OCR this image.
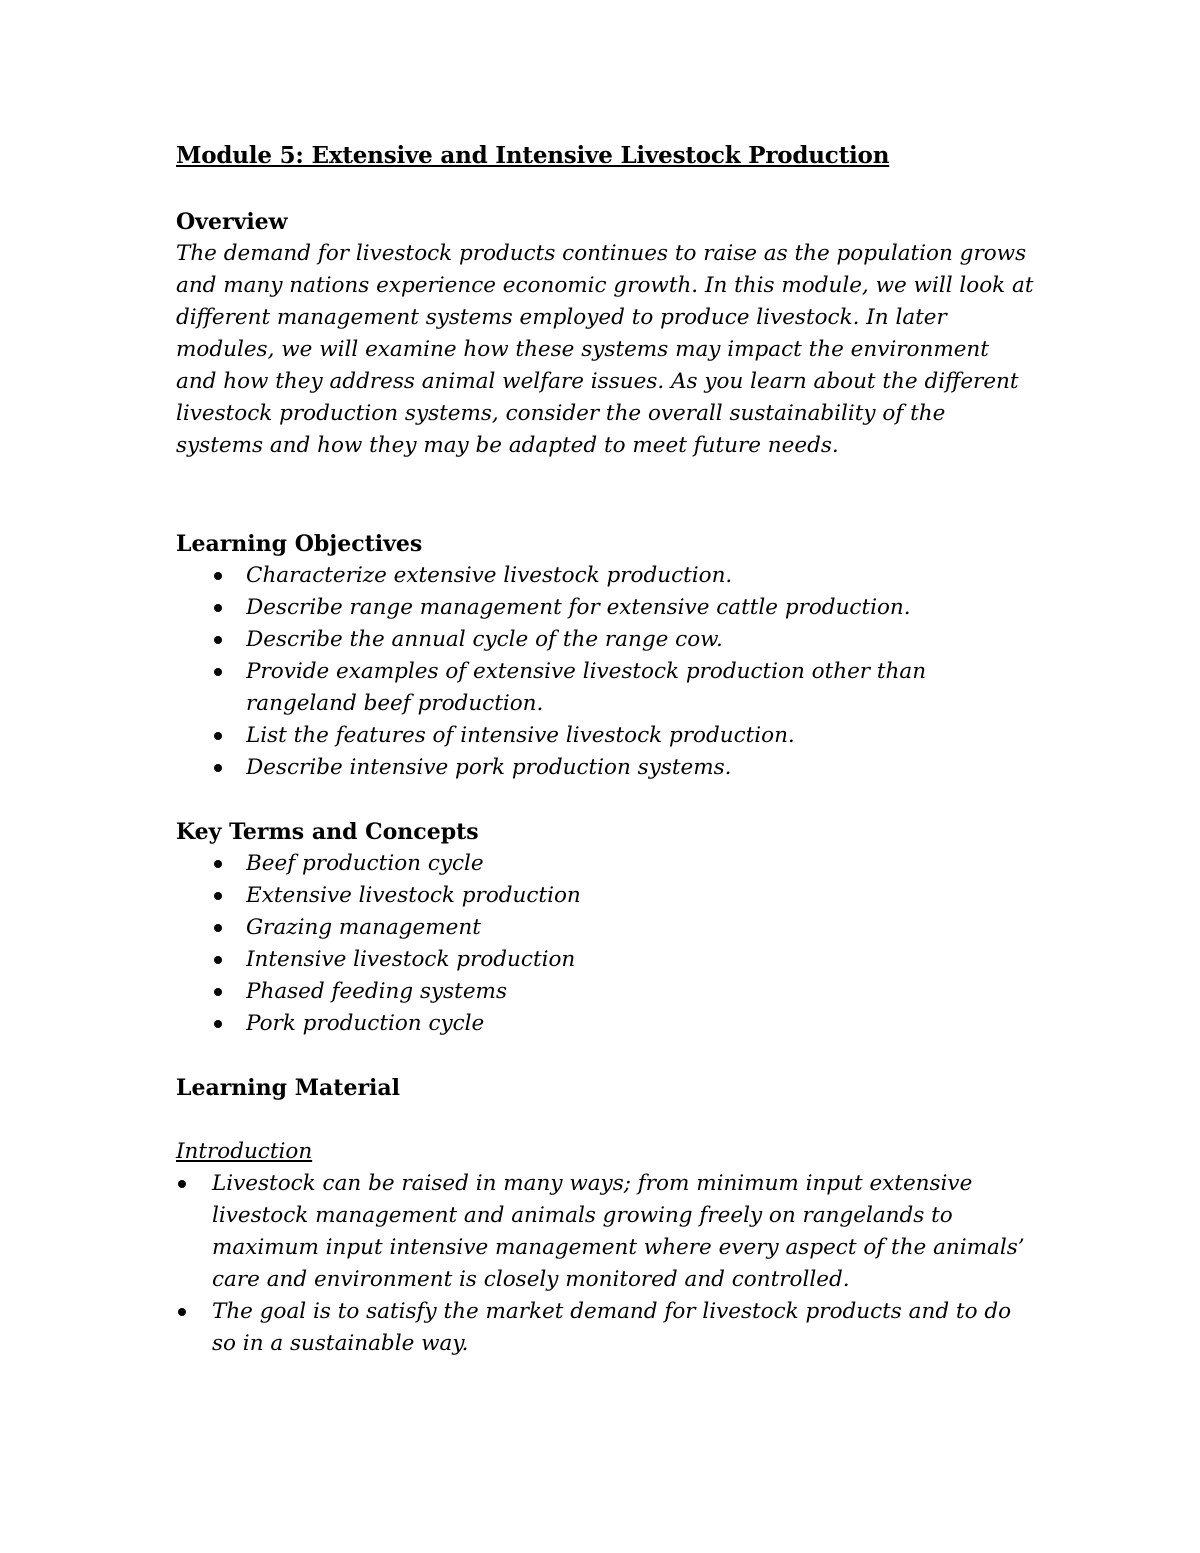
Module 5: Extensive and Intensive Livestock Production
Overview

The demand for livestock products continues to raise as the population grows and many nations experience economic growth. In this module, we will look at different management systems employed to produce livestock. In later modules, we will examine how these systems may impact the environment and how they address animal welfare issues. As you learn about the different livestock production systems, consider the overall sustainability of the systems and how they may be adapted to meet future needs.

Learning Objectives
Characterize extensive livestock production.
Describe range management for extensive cattle production.
Describe the annual cycle of the range cow.
Provide examples of extensive livestock production other than rangeland beef production.
List the features of intensive livestock production.
Describe intensive pork production systems.
Key Terms and Concepts
Beef production cycle
Extensive livestock production
Grazing management
Intensive livestock production
Phased feeding systems
Pork production cycle
Learning Material

Introduction

Livestock can be raised in many ways; from minimum input extensive livestock management and animals growing freely on rangelands to maximum input intensive management where every aspect of the animals’ care and environment is closely monitored and controlled.
The goal is to satisfy the market demand for livestock products and to do so in a sustainable way.
